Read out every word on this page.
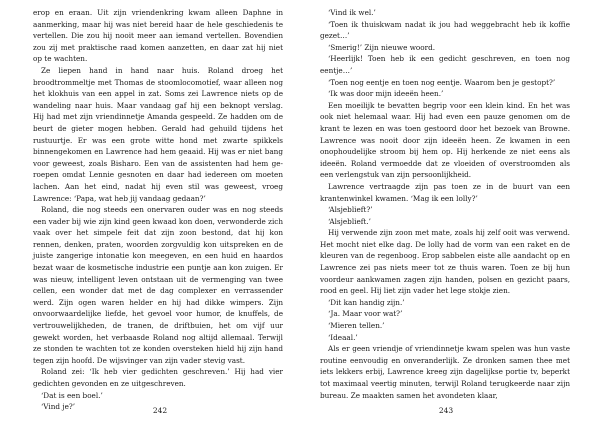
erop en eraan. Uit zijn vriendenkring kwam alleen Daphne in aanmerking, maar hij was niet bereid haar de hele geschiedenis te vertellen. Die zou hij nooit meer aan iemand vertellen. Bovendien zou zij met praktische raad komen aanzetten, en daar zat hij niet op te wachten.

Ze liepen hand in hand naar huis. Roland droeg het broodtrommeltje met Thomas de stoomlocomotief, waar alleen nog het klokhuis van een appel in zat. Soms zei Lawrence niets op de wandeling naar huis. Maar vandaag gaf hij een beknopt verslag. Hij had met zijn vriendinnetje Amanda gespeeld. Ze hadden om de beurt de gieter mogen hebben. Gerald had gehuild tijdens het rustuurtje. Er was een grote witte hond met zwarte spikkels binnengekomen en Lawrence had hem geaaid. Hij was er niet bang voor geweest, zoals Bisharo. Een van de assistenten had hem geroepen omdat Lennie gesnoten en daar had iedereen om moeten lachen. Aan het eind, nadat hij even stil was geweest, vroeg Lawrence: ‘Papa, wat heb jij vandaag gedaan?’

Roland, die nog steeds een onervaren ouder was en nog steeds een vader bij wie zijn kind geen kwaad kon doen, verwonderde zich vaak over het simpele feit dat zijn zoon bestond, dat hij kon rennen, denken, praten, woorden zorgvuldig kon uitspreken en de juiste zangerige intonatie kon meegeven, en een huid en haardos bezat waar de kosmetische industrie een puntje aan kon zuigen. Er was nieuw, intelligent leven ontstaan uit de vermenging van twee cellen, een wonder dat met de dag complexer en verrassender werd. Zijn ogen waren helder en hij had dikke wimpers. Zijn onvoorwaardelijke liefde, het gevoel voor humor, de knuffels, de vertrouwelijkheden, de tranen, de driftbuien, het om vijf uur gewekt worden, het verbaasde Roland nog altijd allemaal. Terwijl ze stonden te wachten tot ze konden oversteken hield hij zijn hand tegen zijn hoofd. De wijsvinger van zijn vader stevig vast.

Roland zei: ‘Ik heb vier gedichten geschreven.’ Hij had vier gedichten gevonden en ze uitgeschreven.

‘Dat is een boel.’

‘Vind je?’	242

‘Vind ik wel.’

‘Toen ik thuiskwam nadat ik jou had weggebracht heb ik koffie gezet…’

‘Smerig!’ Zijn nieuwe woord.

‘Heerlijk! Toen heb ik een gedicht geschreven, en toen nog eentje…’

‘Toen nog eentje en toen nog eentje. Waarom ben je gestopt?’

‘Ik was door mijn ideeën heen.’

Een moeilijk te bevatten begrip voor een klein kind. En het was ook niet helemaal waar. Hij had even een pauze genomen om de krant te lezen en was toen gestoord door het bezoek van Browne. Lawrence was nooit door zijn ideeën heen. Ze kwamen in een onophoudelijke stroom bij hem op. Hij herkende ze niet eens als ideeën. Roland vermoedde dat ze vloeiden of overstroomden als een verlengstuk van zijn persoonlijkheid.

Lawrence vertraagde zijn pas toen ze in de buurt van een krantenwinkel kwamen. ‘Mag ik een lolly?’

‘Alsjeblieft?’

‘Alsjeblieft.’

Hij verwende zijn zoon met mate, zoals hij zelf ooit was verwend. Het mocht niet elke dag. De lolly had de vorm van een raket en de kleuren van de regenboog. Erop sabbelen eiste alle aandacht op en Lawrence zei pas niets meer tot ze thuis waren. Toen ze bij hun voordeur aankwamen zagen zijn handen, polsen en gezicht paars, rood en geel. Hij liet zijn vader het lege stokje zien.

‘Dit kan handig zijn.’

‘Ja. Maar voor wat?’

‘Mieren tellen.’

‘Ideaal.’

Als er geen vriendje of vriendinnetje kwam spelen was hun vaste routine eenvoudig en onveranderlijk. Ze dronken samen thee met iets lekkers erbij, Lawrence kreeg zijn dagelijkse portie tv, beperkt tot maximaal veertig minuten, terwijl Roland terugkeerde naar zijn bureau. Ze maakten samen het avondeten klaar,

243
